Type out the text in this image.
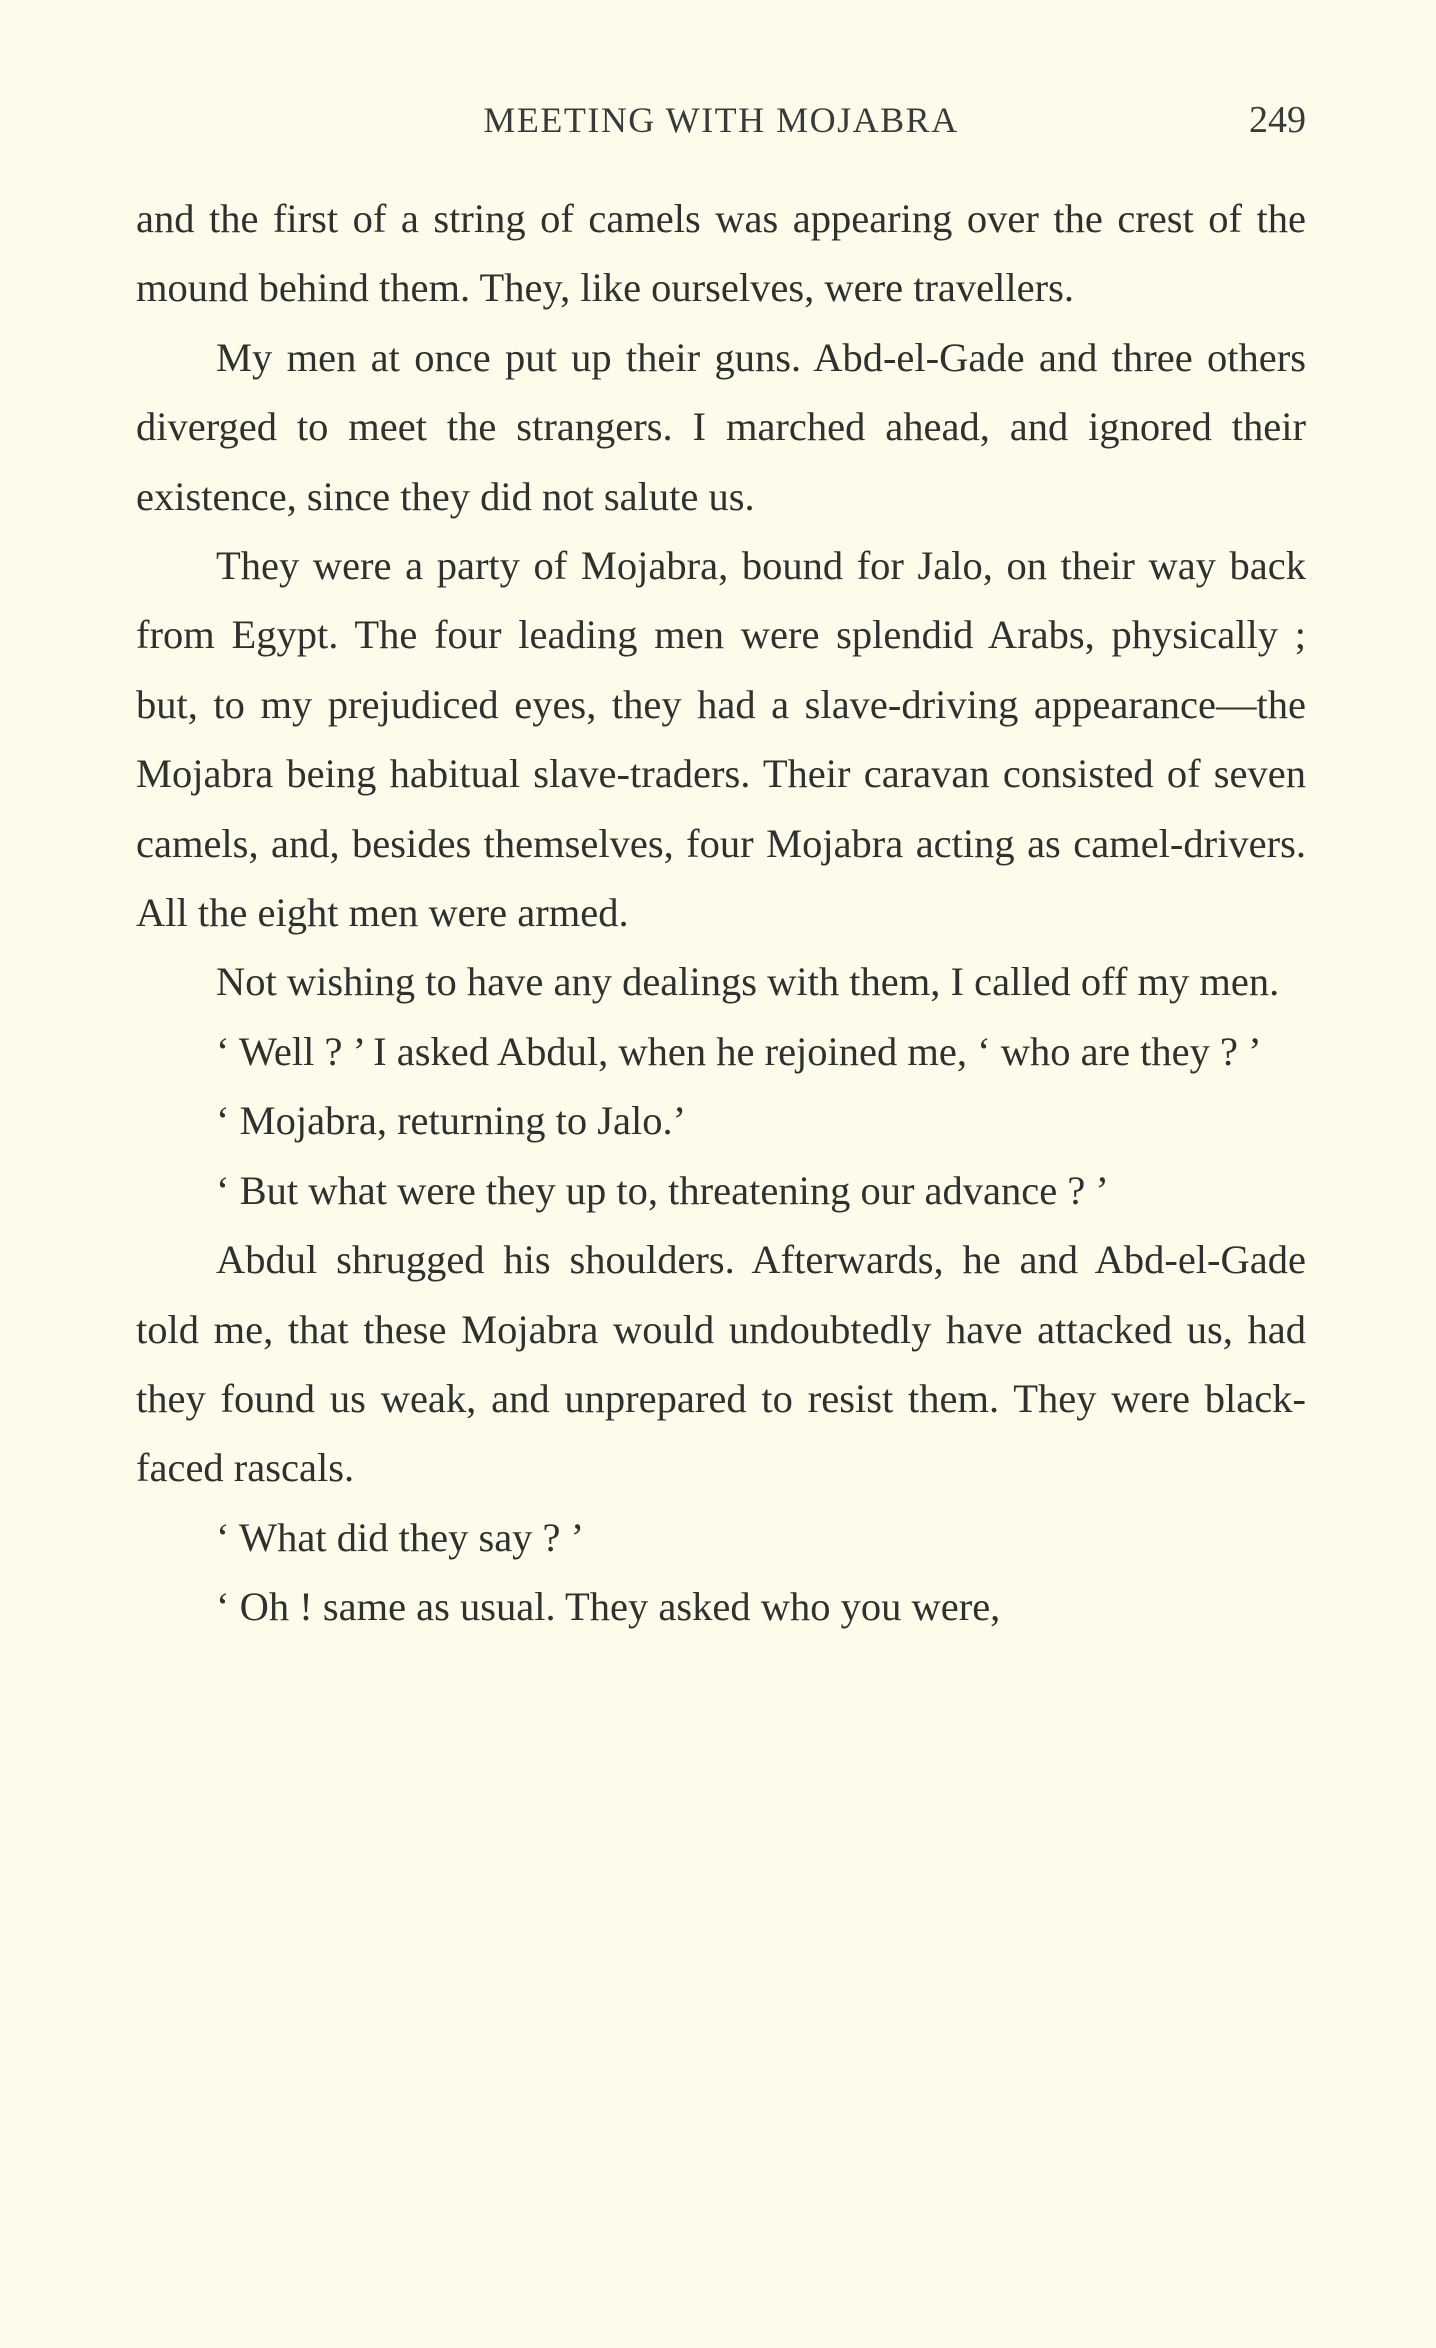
MEETING WITH MOJABRA	249

and the first of a string of camels was appearing over the crest of the mound behind them. They, like ourselves, were travellers.

My men at once put up their guns. Abd-el-Gade and three others diverged to meet the strangers. I marched ahead, and ignored their existence, since they did not salute us.

They were a party of Mojabra, bound for Jalo, on their way back from Egypt. The four leading men were splendid Arabs, physically ; but, to my prejudiced eyes, they had a slave-driving appearance—the Mojabra being habitual slave-traders. Their caravan consisted of seven camels, and, besides themselves, four Mojabra acting as camel-drivers. All the eight men were armed.

Not wishing to have any dealings with them, I called off my men.

‘ Well ? ’ I asked Abdul, when he rejoined me, ‘ who are they ? ’

‘ Mojabra, returning to Jalo.’

‘ But what were they up to, threatening our advance ? ’

Abdul shrugged his shoulders. Afterwards, he and Abd-el-Gade told me, that these Mojabra would undoubtedly have attacked us, had they found us weak, and unprepared to resist them. They were black-faced rascals.

‘ What did they say ? ’

‘ Oh ! same as usual. They asked who you were,
